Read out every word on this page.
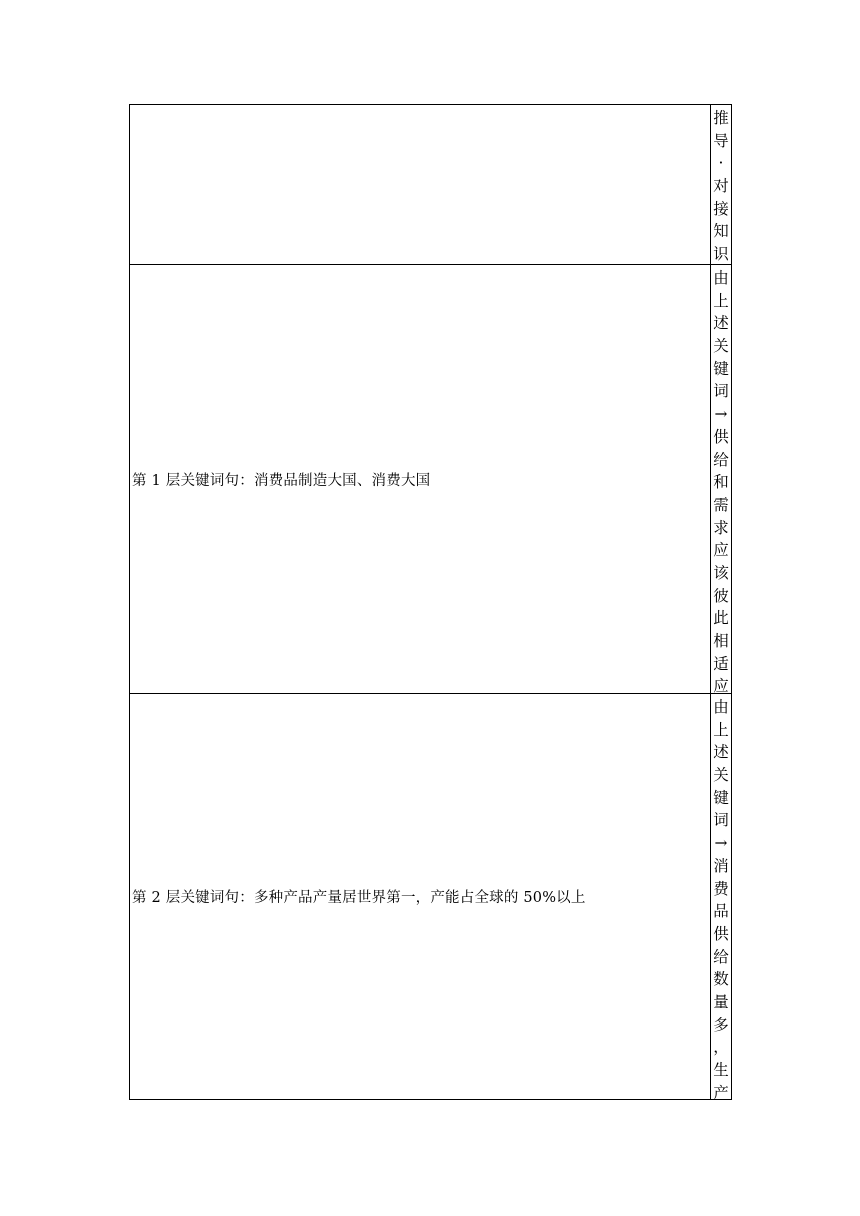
推
导
·
对
接
知
识
第 1 层关键词句：消费品制造大国、消费大国
由
上
述
关
键
词
→
供
给
和
需
求
应
该
彼
此
相
适
应
第 2 层关键词句：多种产品产量居世界第一，产能占全球的 50%以上
由
上
述
关
键
词
→
消
费
品
供
给
数
量
多
，
生
产
